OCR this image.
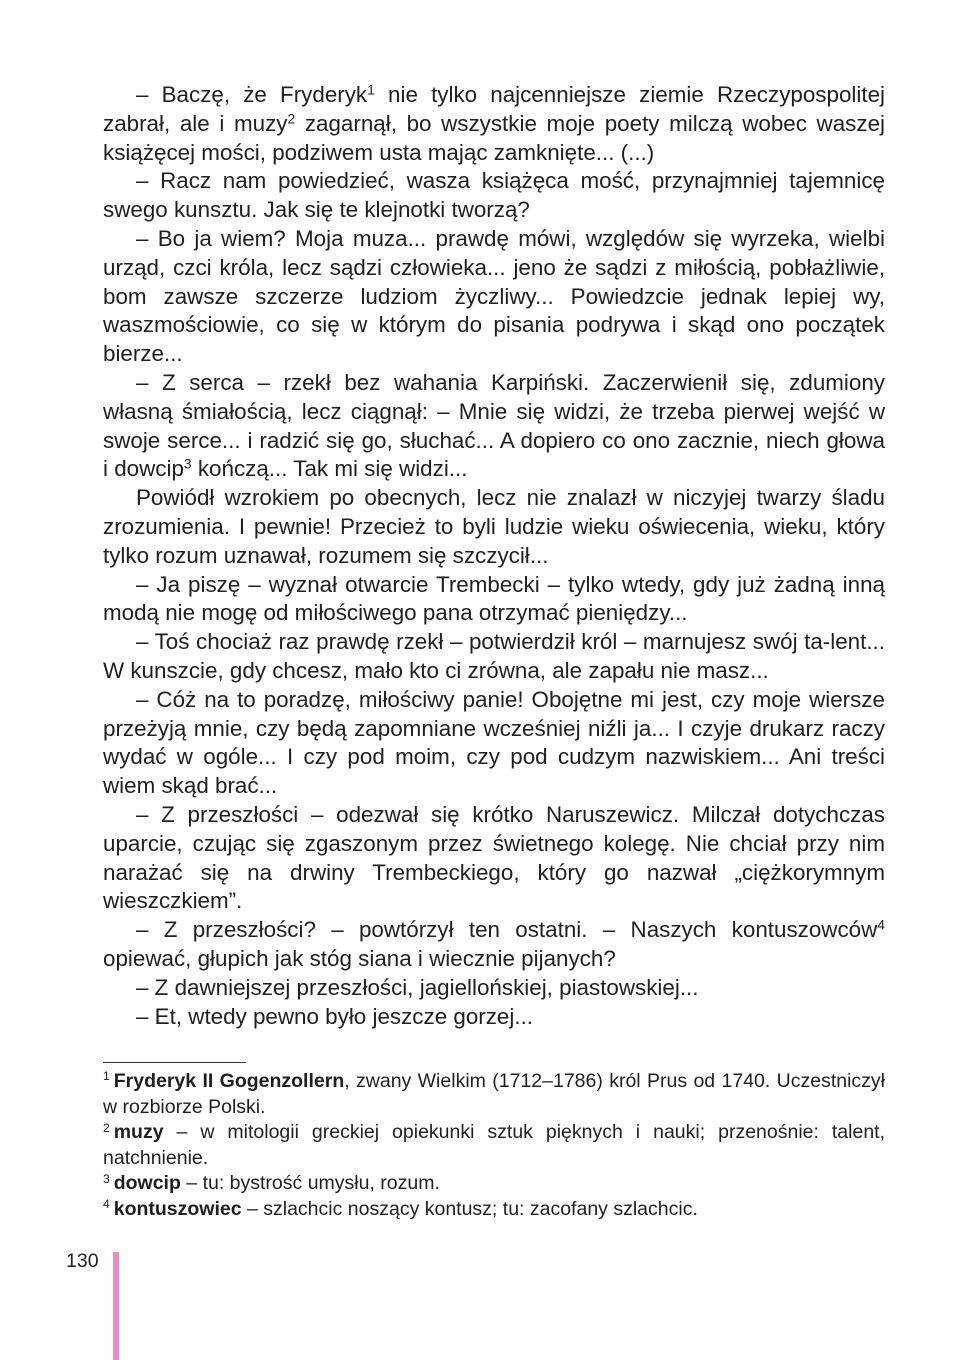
– Baczę, że Fryderyk$^1$ nie tylko najcenniejsze ziemie Rzeczypospolitej zabrał, ale i muzy$^2$ zagarnął, bo wszystkie moje poety milczą wobec waszej książęcej mości, podziwem usta mając zamknięte... (...)

– Racz nam powiedzieć, wasza książęca mość, przynajmniej tajemnicę swego kunsztu. Jak się te klejnotki tworzą?

– Bo ja wiem? Moja muza... prawdę mówi, względów się wyrzeka, wielbi urząd, czci króla, lecz sądzi człowieka... jeno że sądzi z miłością, pobłażliwie, bom zawsze szczerze ludziom życzliwy... Powiedzcie jednak lepiej wy, waszmościowie, co się w którym do pisania podrywa i skąd ono początek bierze...

– Z serca – rzekł bez wahania Karpiński. Zaczerwienił się, zdumiony własną śmiałością, lecz ciągnął: – Mnie się widzi, że trzeba pierwej wejść w swoje serce... i radzić się go, słuchać... A dopiero co ono zacznie, niech głowa i dowcip$^3$ kończą... Tak mi się widzi...

Powiódł wzrokiem po obecnych, lecz nie znalazł w niczyjej twarzy śladu zrozumienia. I pewnie! Przecież to byli ludzie wieku oświecenia, wieku, który tylko rozum uznawał, rozumem się szczycił...

– Ja piszę – wyznał otwarcie Trembecki – tylko wtedy, gdy już żadną inną modą nie mogę od miłościwego pana otrzymać pieniędzy...

– Toś chociaż raz prawdę rzekł – potwierdził król – marnujesz swój ta-lent... W kunszcie, gdy chcesz, mało kto ci zrówna, ale zapału nie masz...

– Cóż na to poradzę, miłościwy panie! Obojętne mi jest, czy moje wiersze przeżyją mnie, czy będą zapomniane wcześniej niźli ja... I czyje drukarz raczy wydać w ogóle... I czy pod moim, czy pod cudzym nazwiskiem... Ani treści wiem skąd brać...

– Z przeszłości – odezwał się krótko Naruszewicz. Milczał dotychczas uparcie, czując się zgaszonym przez świetnego kolegę. Nie chciał przy nim narażać się na drwiny Trembeckiego, który go nazwał „ciężkorymnym wieszczkiem”.

– Z przeszłości? – powtórzył ten ostatni. – Naszych kontuszowców$^4$ opiewać, głupich jak stóg siana i wiecznie pijanych?

– Z dawniejszej przeszłości, jagiellońskiej, piastowskiej...

– Et, wtedy pewno było jeszcze gorzej...

$^1$ Fryderyk II Gogenzollern, zwany Wielkim (1712–1786) król Prus od 1740. Uczestniczył w rozbiorze Polski.

$^2$ muzy – w mitologii greckiej opiekunki sztuk pięknych i nauki; przenośnie: talent, natchnienie.

$^3$ dowcip – tu: bystrość umysłu, rozum.

$^4$ kontuszowiec – szlachcic noszący kontusz; tu: zacofany szlachcic.

130
